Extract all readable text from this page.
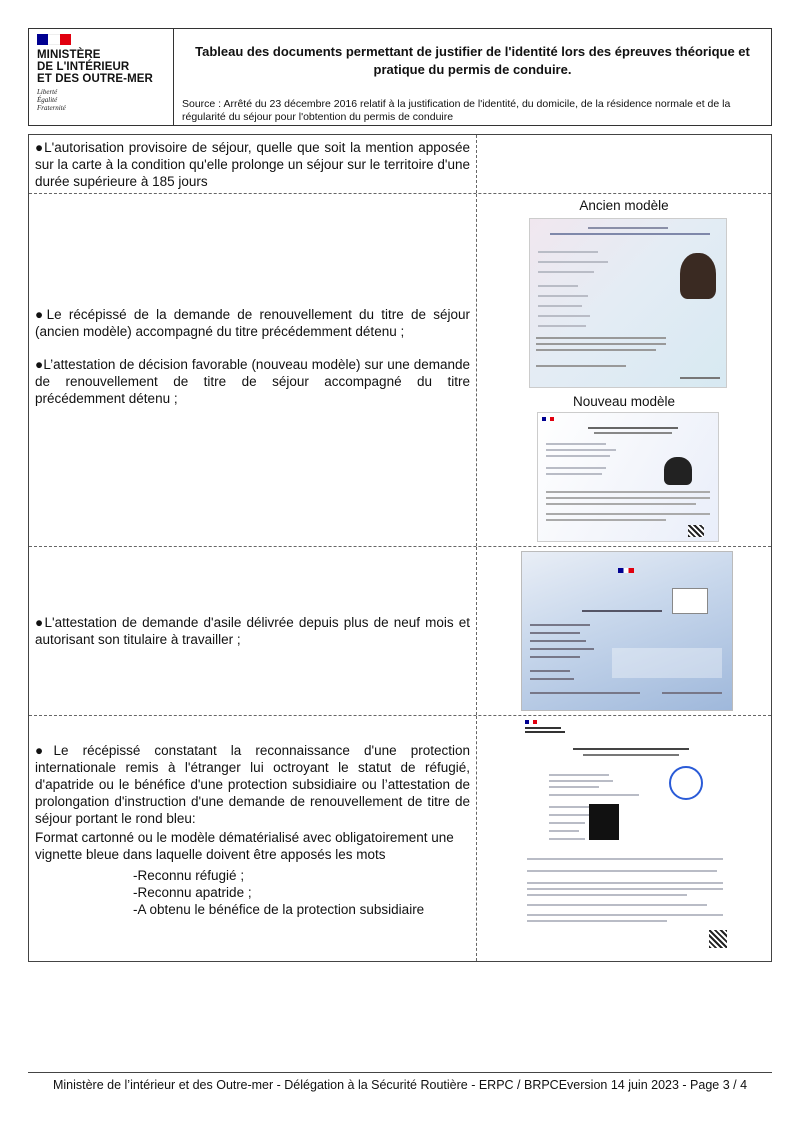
MINISTÈRE
DE L'INTÉRIEUR
ET DES OUTRE-MER
Liberté
Égalité
Fraternité
Tableau des documents permettant de justifier de l'identité lors des épreuves théorique et pratique du permis de conduire.
Source : Arrêté du 23 décembre 2016 relatif à la justification de l'identité, du domicile, de la résidence normale et de la régularité du séjour pour l'obtention du permis de conduire
●L'autorisation provisoire de séjour, quelle que soit la mention apposée sur la carte à la condition qu'elle prolonge un séjour sur le territoire d'une durée supérieure à 185 jours
●Le récépissé de la demande de renouvellement du titre de séjour (ancien modèle) accompagné du titre précédemment détenu ;
●L’attestation de décision favorable (nouveau modèle) sur une demande de renouvellement de titre de séjour accompagné du titre précédemment détenu ;
Ancien modèle
Nouveau modèle
●L'attestation de demande d'asile délivrée depuis plus de neuf mois et autorisant son titulaire à travailler ;
●Le récépissé constatant la reconnaissance d'une protection internationale remis à l'étranger lui octroyant le statut de réfugié, d'apatride ou le bénéfice d'une protection subsidiaire ou l’attestation de prolongation d'instruction d'une demande de renouvellement de titre de séjour portant le rond bleu:
Format cartonné ou le modèle dématérialisé avec obligatoirement une vignette bleue dans laquelle doivent être apposés les mots
-Reconnu réfugié ;
-Reconnu apatride ;
-A obtenu le bénéfice de la protection subsidiaire
Ministère de l’intérieur et des Outre-mer - Délégation à la Sécurité Routière - ERPC / BRPCEversion 14 juin 2023 - Page 3 / 4
